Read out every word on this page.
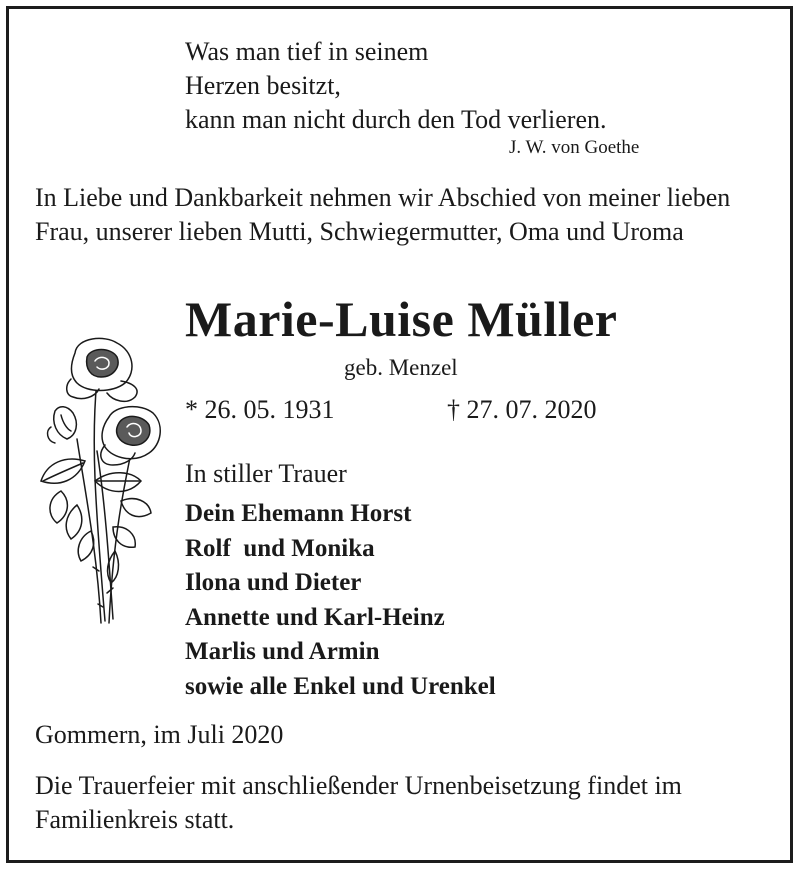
Was man tief in seinem
Herzen besitzt,
kann man nicht durch den Tod verlieren.

J. W. von Goethe

In Liebe und Dankbarkeit nehmen wir Abschied von meiner lieben Frau, unserer lieben Mutti, Schwiegermutter, Oma und Uroma

Marie-Luise Müller

geb. Menzel

* 26. 05. 1931	† 27. 07. 2020

In stiller Trauer

Dein Ehemann Horst
Rolf  und Monika
Ilona und Dieter
Annette und Karl-Heinz
Marlis und Armin
sowie alle Enkel und Urenkel

Gommern, im Juli 2020

Die Trauerfeier mit anschließender Urnenbeisetzung findet im Familienkreis statt.
